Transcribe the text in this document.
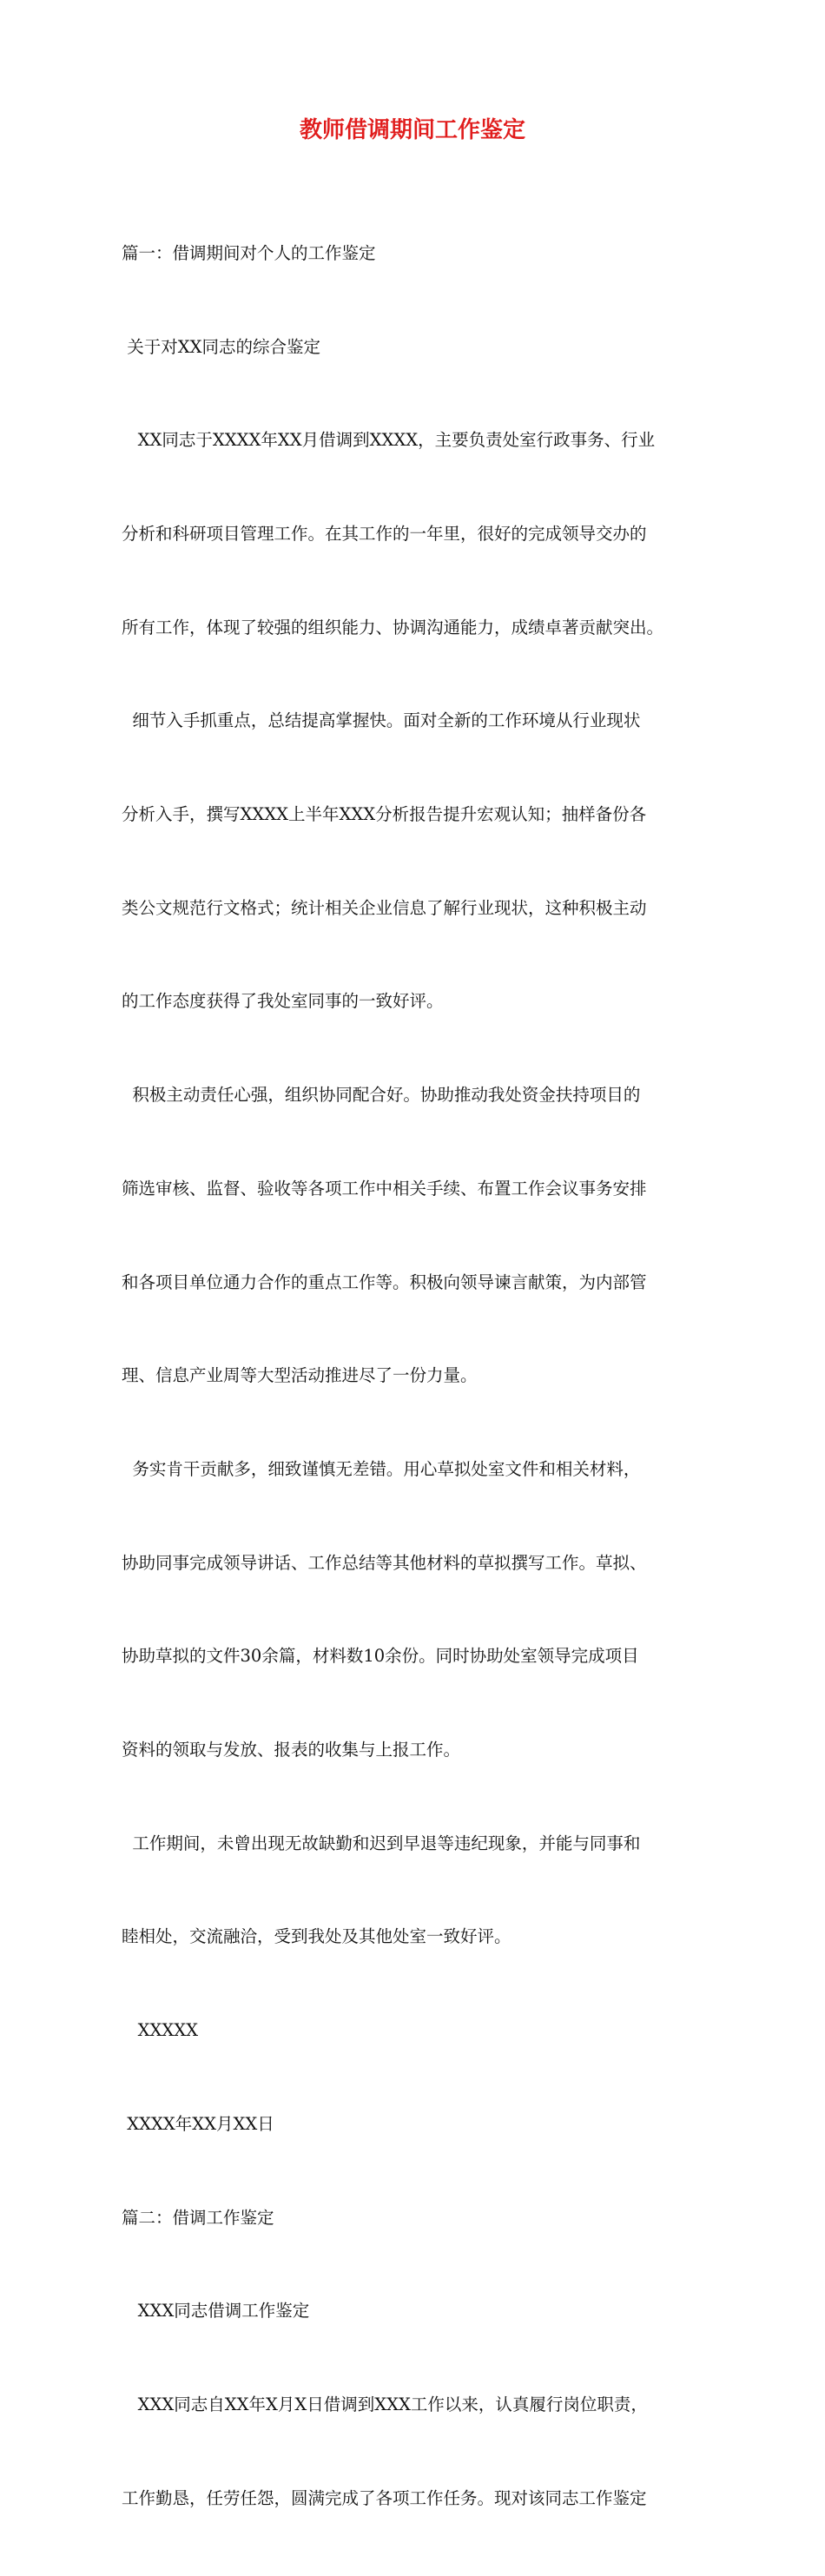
教师借调期间工作鉴定

篇一：借调期间对个人的工作鉴定

关于对XX同志的综合鉴定

XX同志于XXXX年XX月借调到XXXX，主要负责处室行政事务、行业

分析和科研项目管理工作。在其工作的一年里，很好的完成领导交办的

所有工作，体现了较强的组织能力、协调沟通能力，成绩卓著贡献突出。

细节入手抓重点，总结提高掌握快。面对全新的工作环境从行业现状

分析入手，撰写XXXX上半年XXX分析报告提升宏观认知；抽样备份各

类公文规范行文格式；统计相关企业信息了解行业现状，这种积极主动

的工作态度获得了我处室同事的一致好评。

积极主动责任心强，组织协同配合好。协助推动我处资金扶持项目的

筛选审核、监督、验收等各项工作中相关手续、布置工作会议事务安排

和各项目单位通力合作的重点工作等。积极向领导谏言献策，为内部管

理、信息产业周等大型活动推进尽了一份力量。

务实肯干贡献多，细致谨慎无差错。用心草拟处室文件和相关材料，

协助同事完成领导讲话、工作总结等其他材料的草拟撰写工作。草拟、

协助草拟的文件30余篇，材料数10余份。同时协助处室领导完成项目

资料的领取与发放、报表的收集与上报工作。

工作期间，未曾出现无故缺勤和迟到早退等违纪现象，并能与同事和

睦相处，交流融洽，受到我处及其他处室一致好评。

XXXXX

XXXX年XX月XX日

篇二：借调工作鉴定

XXX同志借调工作鉴定

XXX同志自XX年X月X日借调到XXX工作以来，认真履行岗位职责，

工作勤恳，任劳任怨，圆满完成了各项工作任务。现对该同志工作鉴定
